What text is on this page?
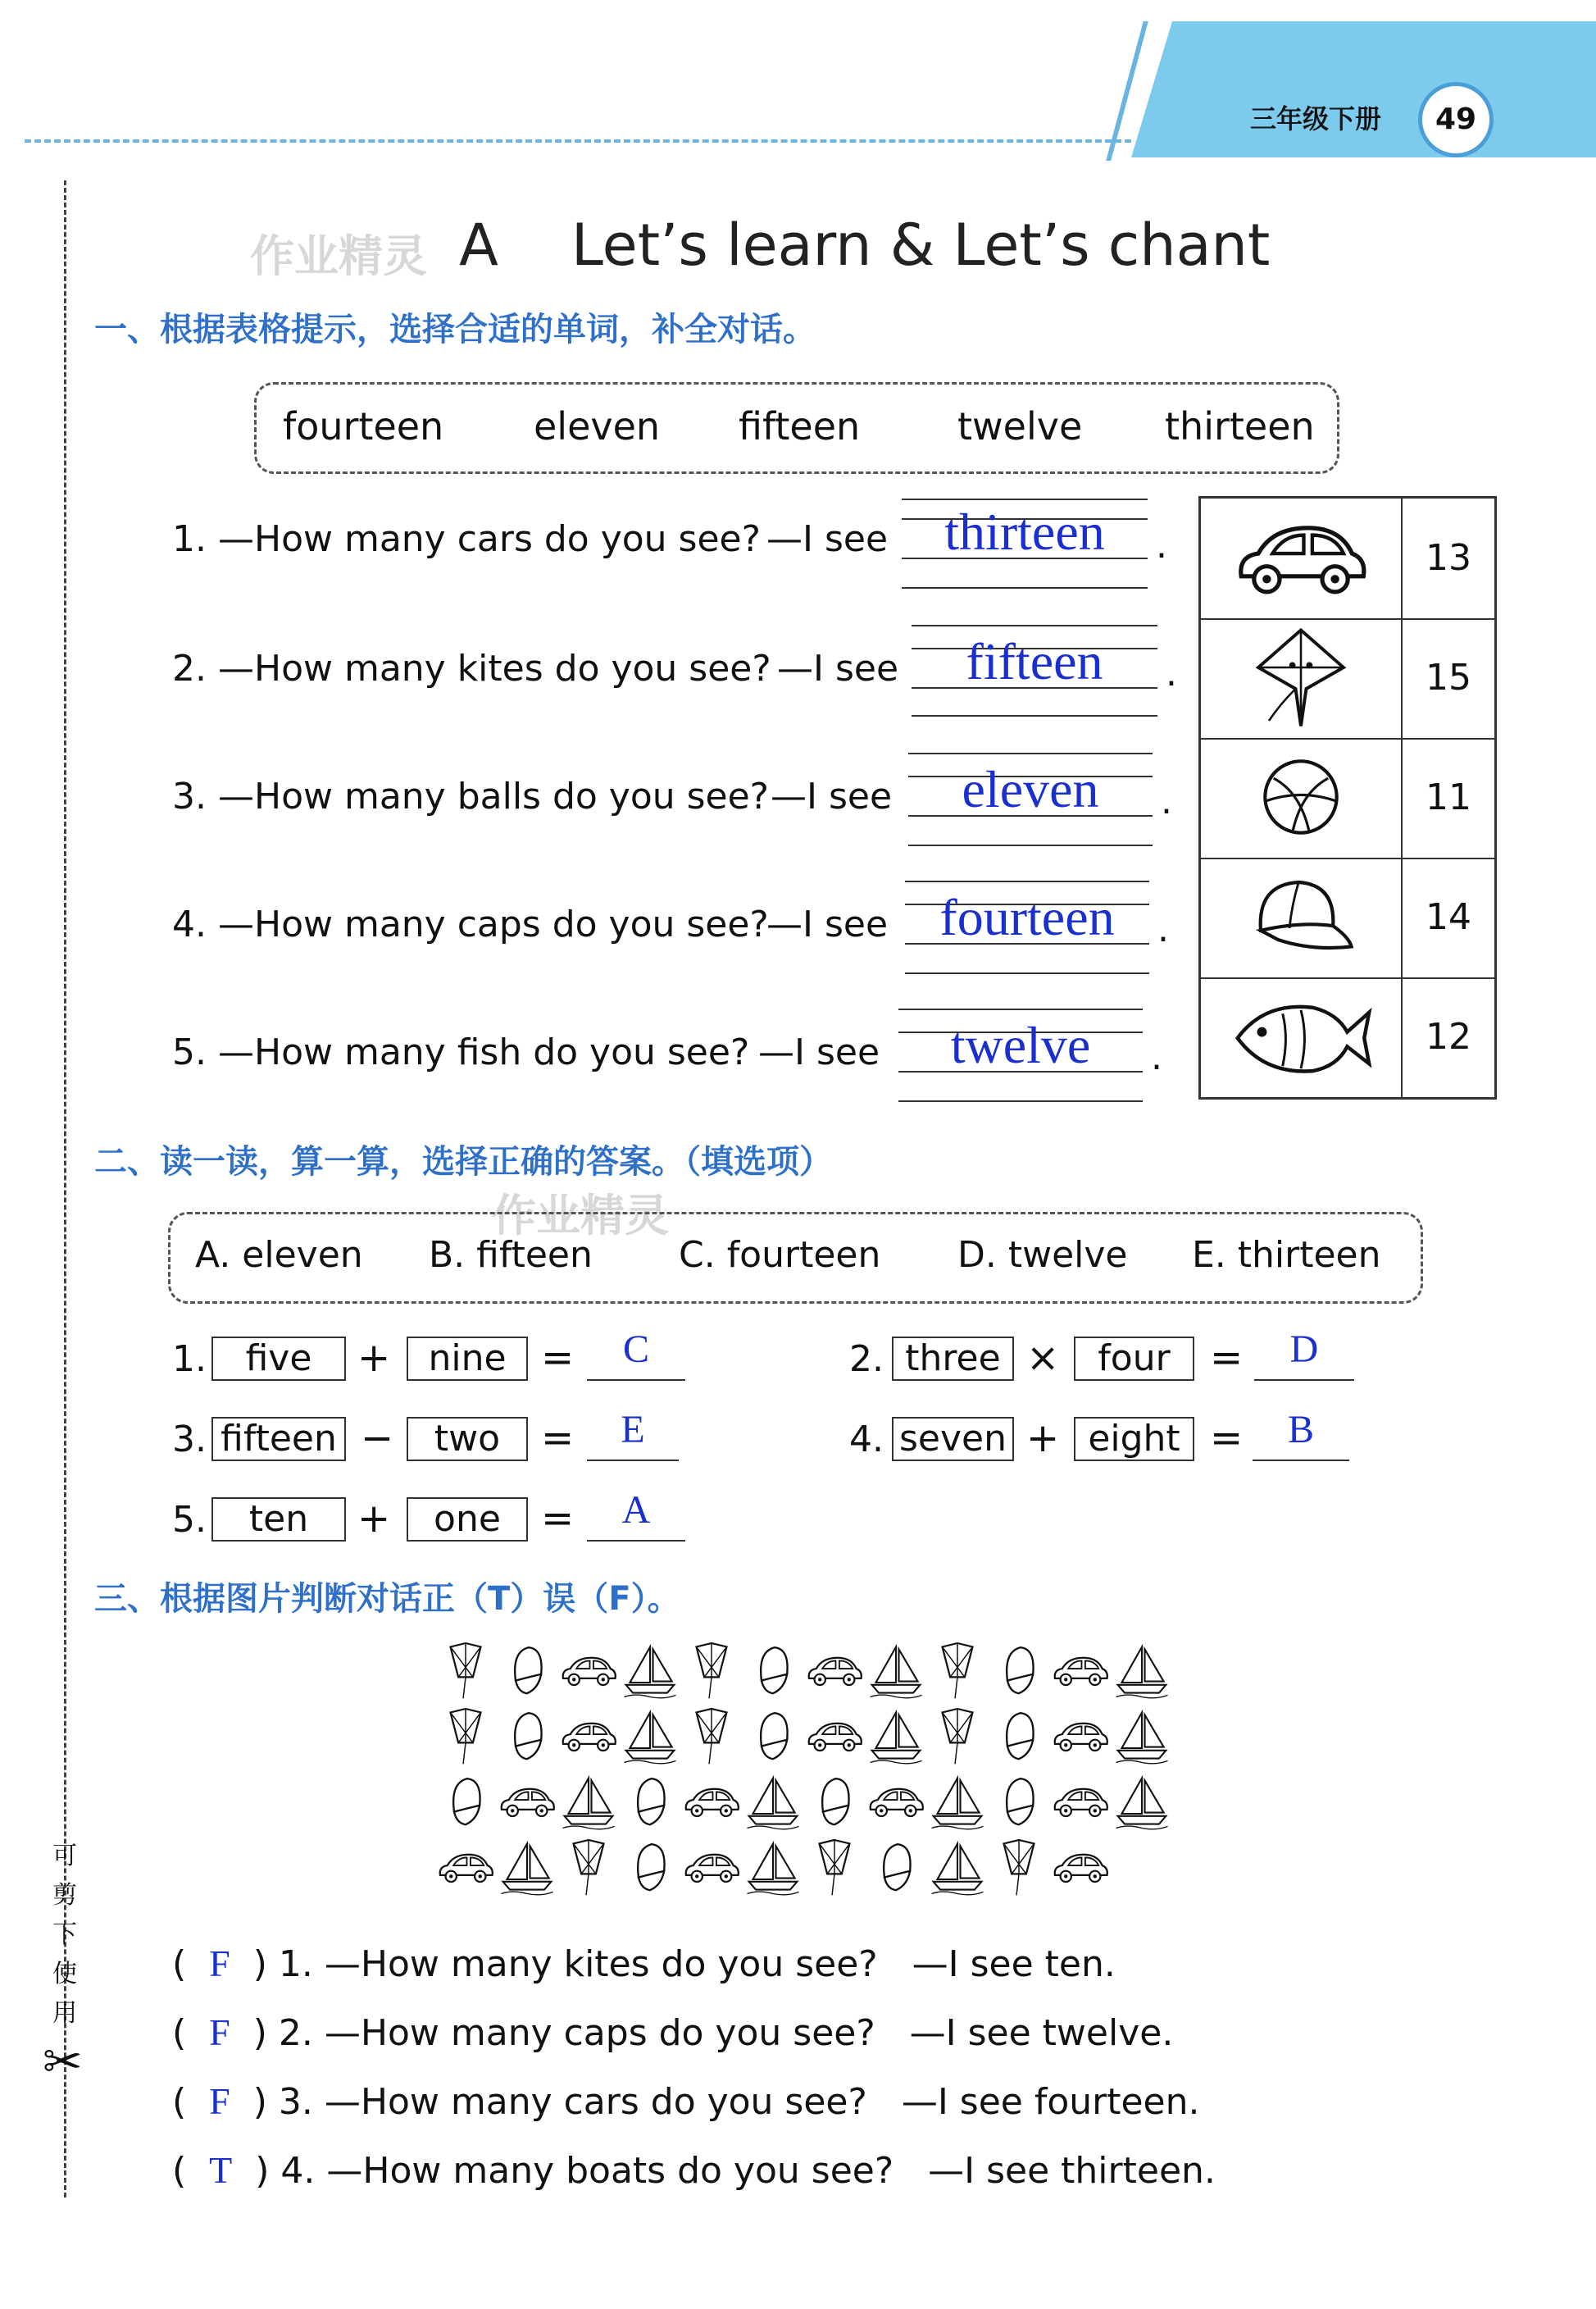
三年级下册	49
可
剪
下
使
用
✂
作业精灵
作业精灵
A    Let’s learn & Let’s chant
一、根据表格提示，选择合适的单词，补全对话。
fourteen eleven fifteen	twelve thirteen
1. —How many cars do you see? —I see	thirteen	.
2. —How many kites do you see? —I see	fifteen	.
3. —How many balls do you see? —I see	eleven	.
4. —How many caps do you see?
—I see fourteen	.
5. —How many fish do you see? —I see	twelve	.
13
15
11
14
12
二、读一读，算一算，选择正确的答案。（填选项）
A. eleven B. fifteen C. fourteen D. twelve E. thirteen
1.	five	+	nine =	C	2. three ×	four	=	D
3. fifteen −	two	=	E	4. seven + eight =	B
5.	ten	+	one	=	A
三、根据图片判断对话正（T）误（F）。
( F ) 1. —How many kites do you see? —I see ten.
( F ) 2. —How many caps do you see? —I see twelve.
( F ) 3. —How many cars do you see? —I see fourteen.
( T ) 4. —How many boats do you see? —I see thirteen.
